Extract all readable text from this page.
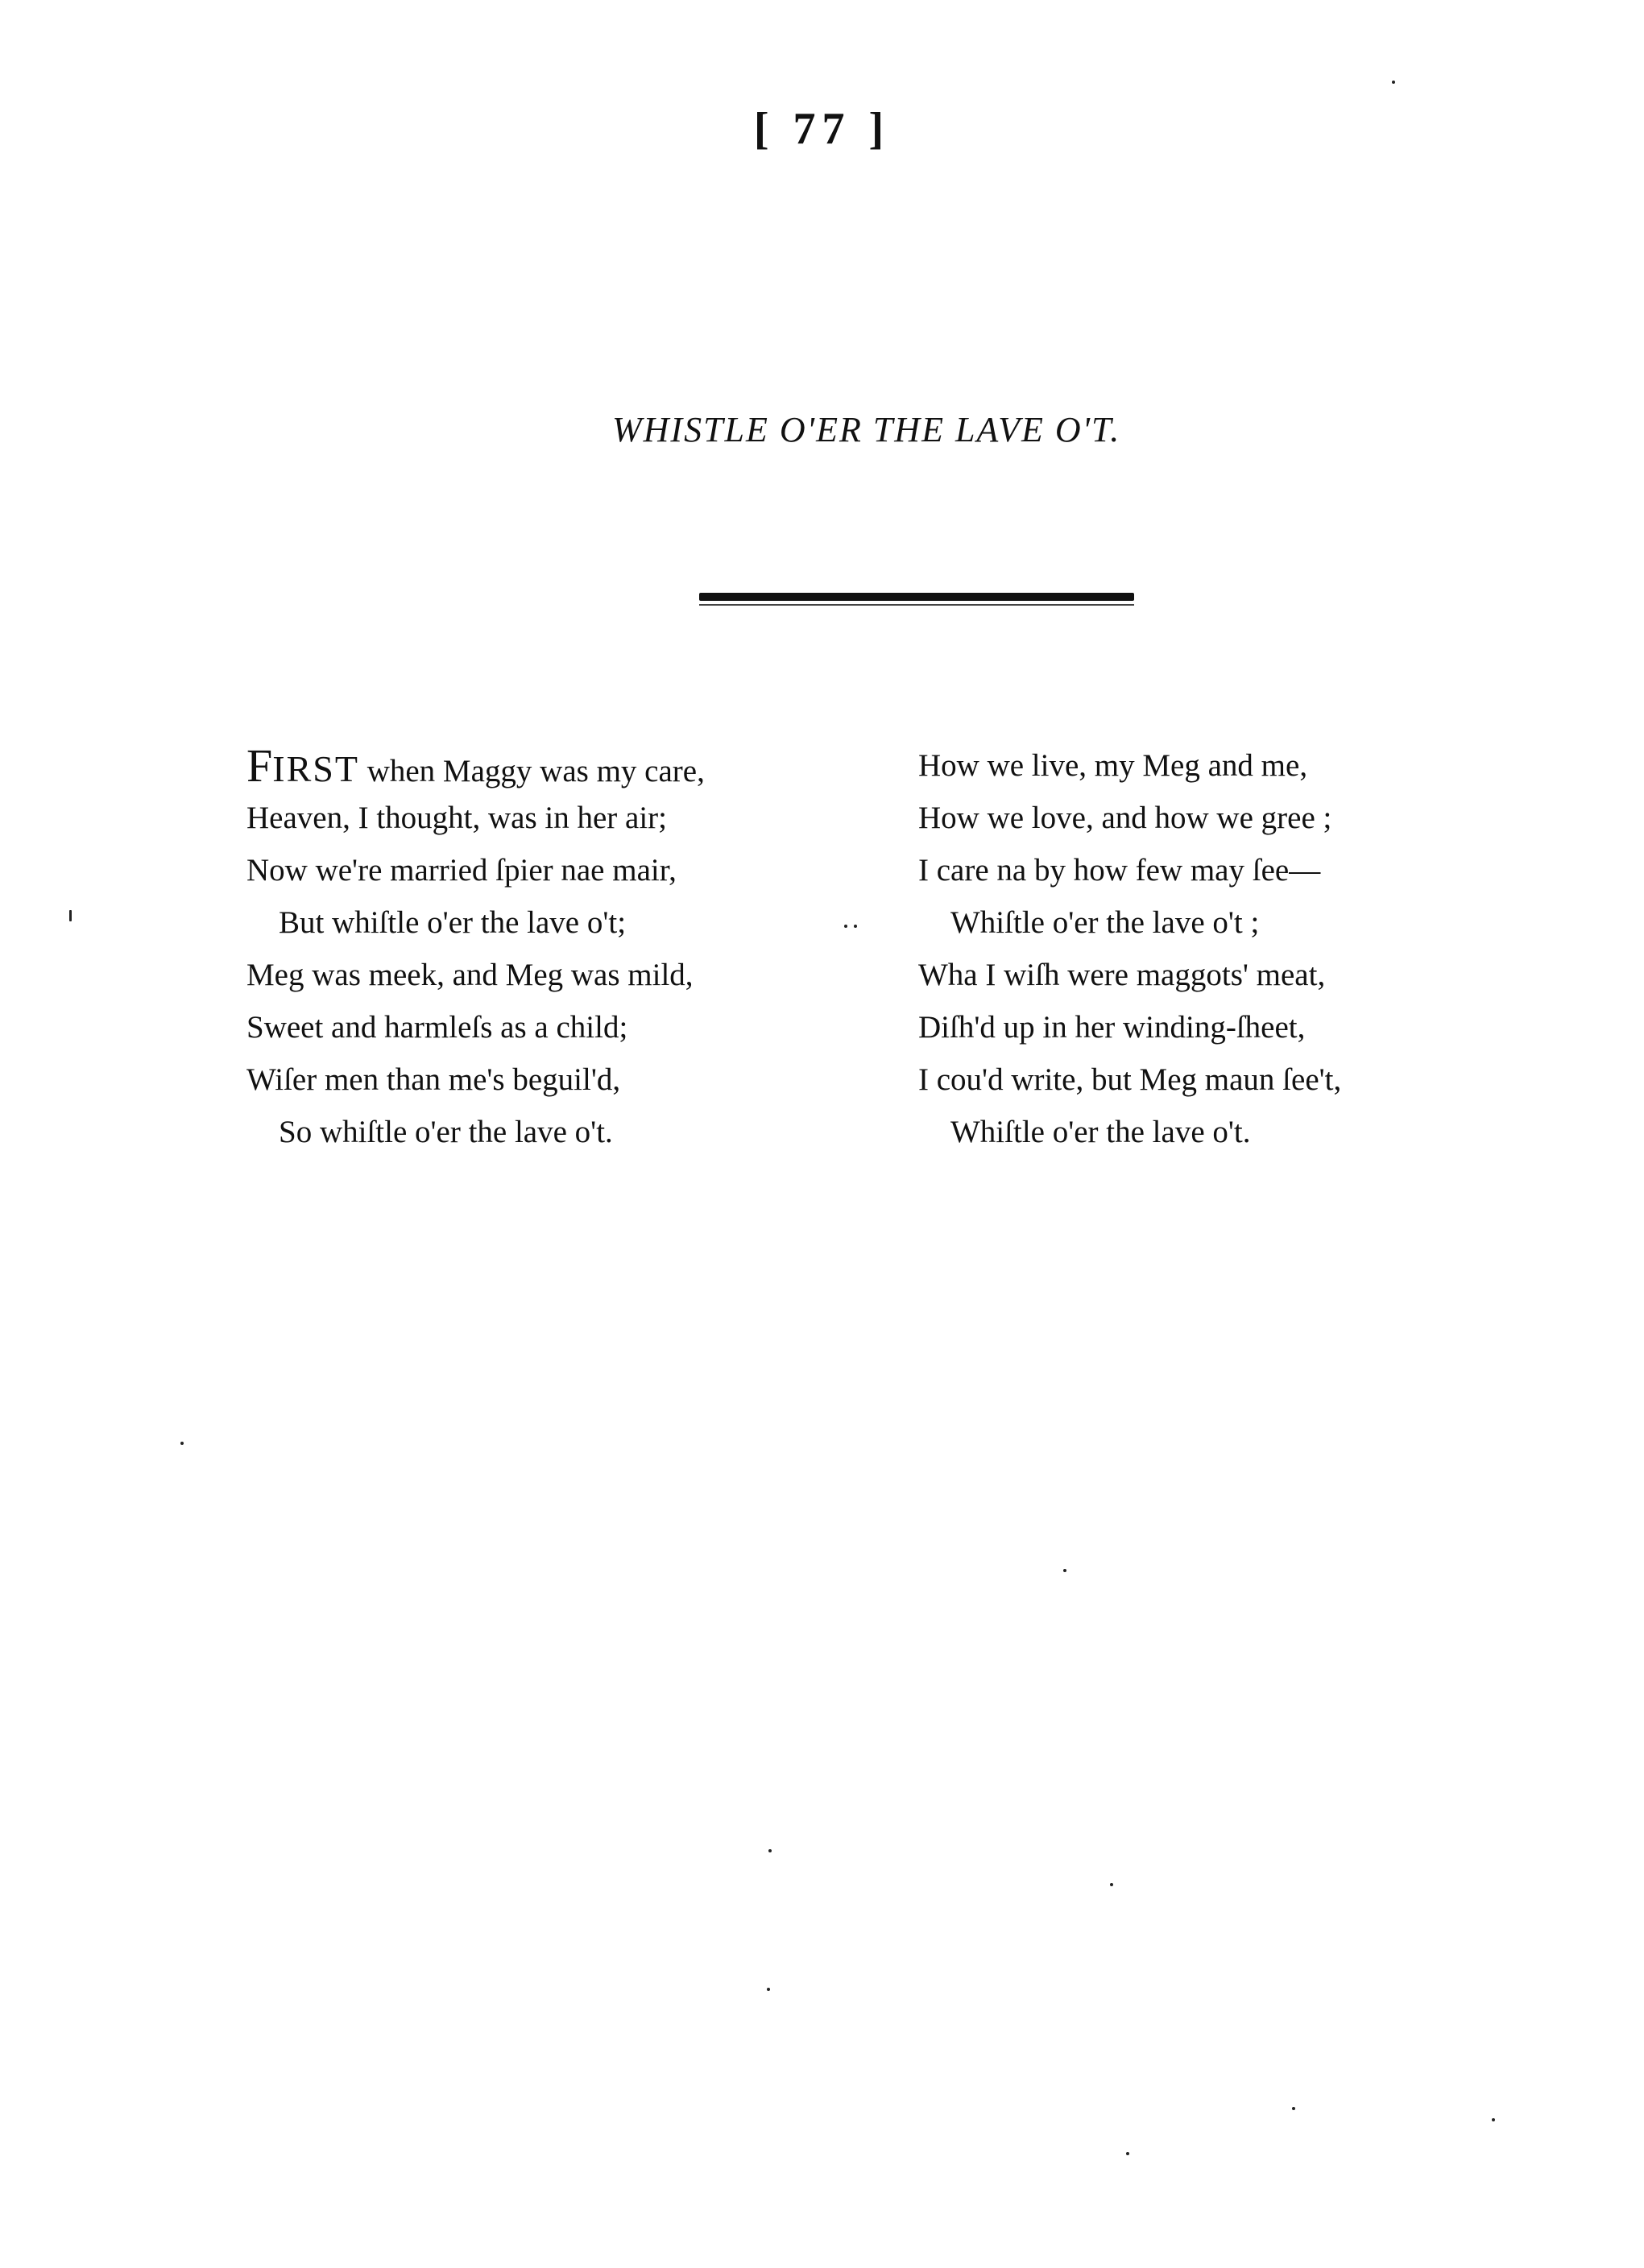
[ 77 ]
WHISTLE O'ER THE LAVE O'T.
FIRST when Maggy was my care,
Heaven, I thought, was in her air;
Now we're married ſpier nae mair,
But whiſtle o'er the lave o't;
Meg was meek, and Meg was mild,
Sweet and harmleſs as a child;
Wiſer men than me's beguil'd,
So whiſtle o'er the lave o't.
How we live, my Meg and me,
How we love, and how we gree ;
I care na by how few may ſee—
Whiſtle o'er the lave o't ;
Wha I wiſh were maggots' meat,
Diſh'd up in her winding-ſheet,
I cou'd write, but Meg maun ſee't,
Whiſtle o'er the lave o't.
